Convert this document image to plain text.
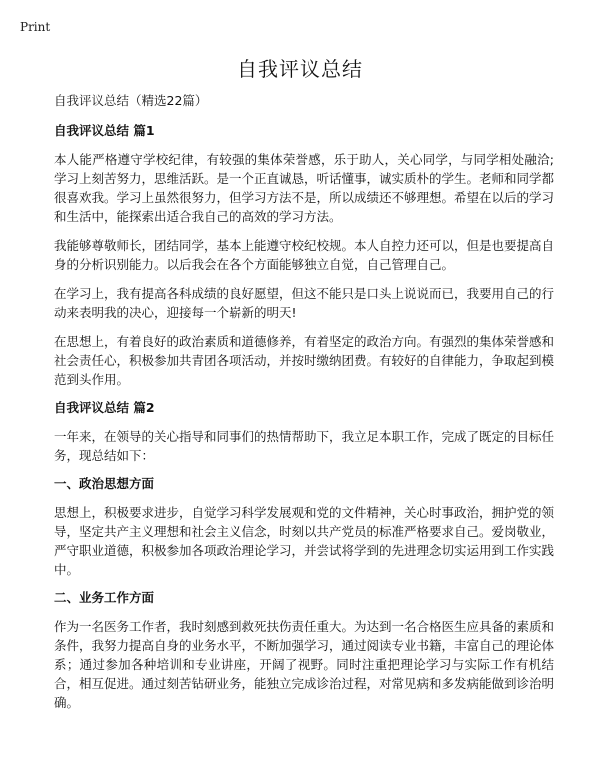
Print
自我评议总结
自我评议总结（精选22篇）
自我评议总结 篇1

本人能严格遵守学校纪律，有较强的集体荣誉感，乐于助人，关心同学，与同学相处融洽;学习上刻苦努力，思维活跃。是一个正直诚恳，听话懂事，诚实质朴的学生。老师和同学都很喜欢我。学习上虽然很努力，但学习方法不是，所以成绩还不够理想。希望在以后的学习和生活中，能探索出适合我自己的高效的学习方法。

我能够尊敬师长，团结同学，基本上能遵守校纪校规。本人自控力还可以，但是也要提高自身的分析识别能力。以后我会在各个方面能够独立自觉，自己管理自己。

在学习上，我有提高各科成绩的良好愿望，但这不能只是口头上说说而已，我要用自己的行动来表明我的决心，迎接每一个崭新的明天!

在思想上，有着良好的政治素质和道德修养，有着坚定的政治方向。有强烈的集体荣誉感和社会责任心，积极参加共青团各项活动，并按时缴纳团费。有较好的自律能力，争取起到模范到头作用。

自我评议总结 篇2

一年来，在领导的关心指导和同事们的热情帮助下，我立足本职工作，完成了既定的目标任务，现总结如下：

一、政治思想方面

思想上，积极要求进步，自觉学习科学发展观和党的文件精神，关心时事政治，拥护党的领导，坚定共产主义理想和社会主义信念，时刻以共产党员的标准严格要求自己。爱岗敬业，严守职业道德，积极参加各项政治理论学习，并尝试将学到的先进理念切实运用到工作实践中。

二、业务工作方面

作为一名医务工作者，我时刻感到救死扶伤责任重大。为达到一名合格医生应具备的素质和条件，我努力提高自身的业务水平，不断加强学习，通过阅读专业书籍，丰富自己的理论体系；通过参加各种培训和专业讲座，开阔了视野。同时注重把理论学习与实际工作有机结合，相互促进。通过刻苦钻研业务，能独立完成诊治过程，对常见病和多发病能做到诊治明确。
